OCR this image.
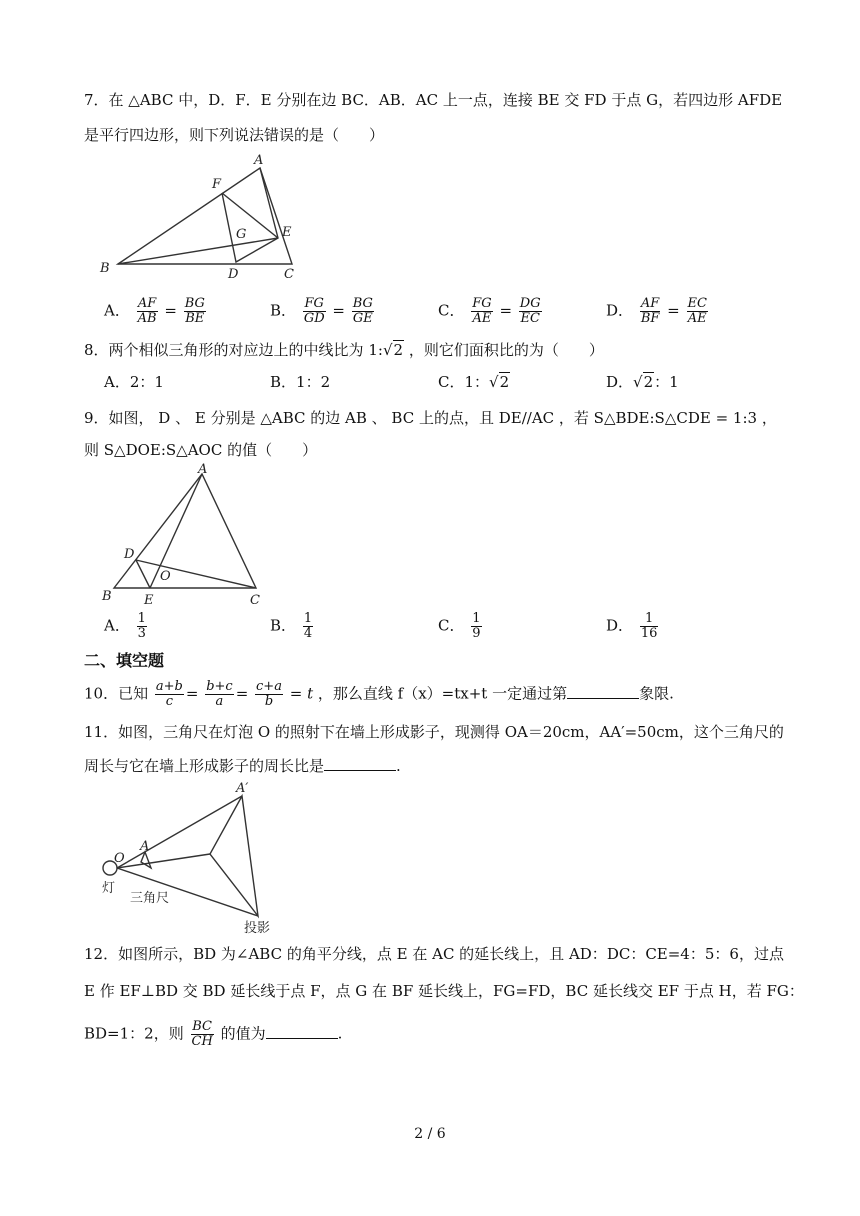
7．在 △ABC 中，D．F．E 分别在边 BC．AB．AC 上一点，连接 BE 交 FD 于点 G，若四边形 AFDE
是平行四边形，则下列说法错误的是（　　）
A
F
G	E
B	D	C
A． $\frac{AF}{AB} = \frac{BG}{BE}$	B． $\frac{FG}{GD} = \frac{BG}{GE}$	C． $\frac{FG}{AE} = \frac{DG}{EC}$	D． $\frac{AF}{BF} = \frac{EC}{AE}$
8．两个相似三角形的对应边上的中线比为 1:√2 ，则它们面积比的为（　　）
A．2：1	B．1：2	C．1：√2	D．√2：1
9．如图， D 、 E 分别是 △ABC 的边 AB 、 BC 上的点，且 DE//AC ，若 S△BDE:S△CDE = 1:3 ，
则 S△DOE:S△AOC 的值（　　）
A
D
O
B E	C
A． $\frac{1}{3}$	B． $\frac{1}{4}$	C． $\frac{1}{9}$	D． $\frac{1}{16}$
二、填空题
10．已知 $\frac{a+b}{c} = \frac{b+c}{a} = \frac{c+a}{b} = t$ ，那么直线 f（x）=tx+t 一定通过第	象限.
11．如图，三角尺在灯泡 O 的照射下在墙上形成影子，现测得 OA＝20cm，AA′=50cm，这个三角尺的
周长与它在墙上形成影子的周长比是	.
A′
A
O
灯
三角尺
投影
12．如图所示，BD 为∠ABC 的角平分线，点 E 在 AC 的延长线上，且 AD：DC：CE=4：5：6，过点
E 作 EF⊥BD 交 BD 延长线于点 F，点 G 在 BF 延长线上，FG=FD，BC 延长线交 EF 于点 H，若 FG：
BD=1：2，则 $\frac{BC}{CH}$ 的值为	.
2 / 6
